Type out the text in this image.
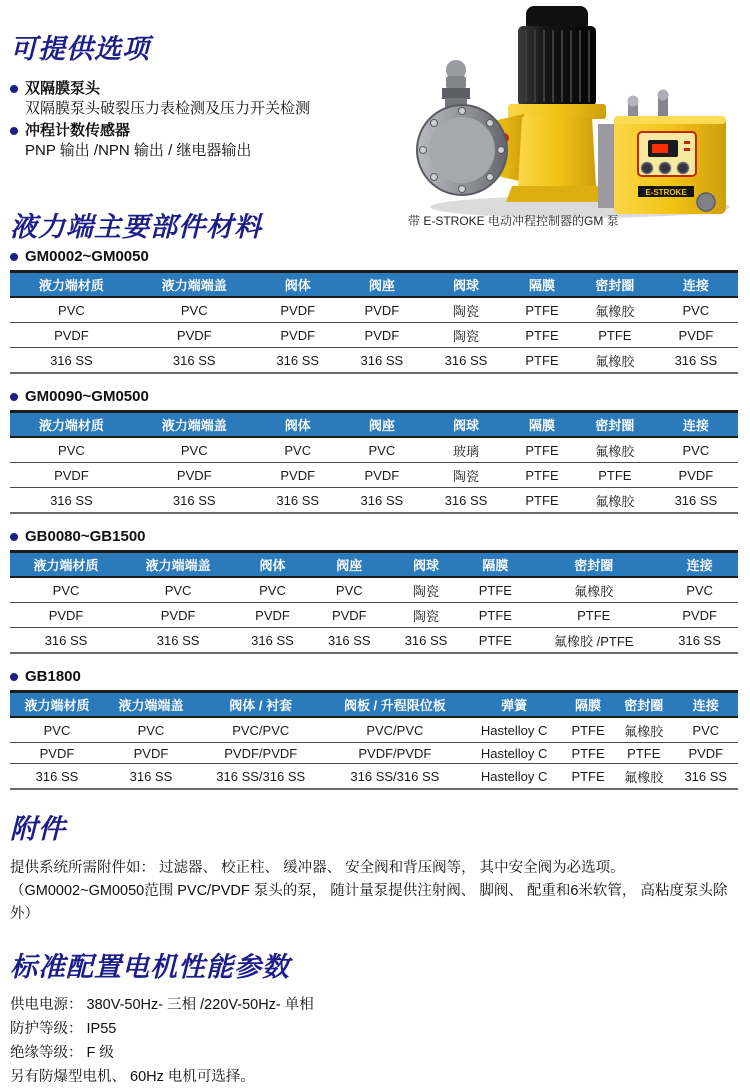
可提供选项
双隔膜泵头
双隔膜泵头破裂压力表检测及压力开关检测
冲程计数传感器
PNP 输出 /NPN 输出 / 继电器输出
E-STROKE
带 E-STROKE 电动冲程控制器的GM 泵
液力端主要部件材料
GM0002~GM0050
液力端材质	液力端端盖	阀体	阀座	阀球	隔膜	密封圈	连接
PVC	PVC	PVDF	PVDF	陶瓷	PTFE	氟橡胶	PVC
PVDF	PVDF	PVDF	PVDF	陶瓷	PTFE	PTFE	PVDF
316 SS	316 SS	316 SS	316 SS	316 SS	PTFE	氟橡胶	316 SS
GM0090~GM0500
液力端材质	液力端端盖	阀体	阀座	阀球	隔膜	密封圈	连接
PVC	PVC	PVC	PVC	玻璃	PTFE	氟橡胶	PVC
PVDF	PVDF	PVDF	PVDF	陶瓷	PTFE	PTFE	PVDF
316 SS	316 SS	316 SS	316 SS	316 SS	PTFE	氟橡胶	316 SS
GB0080~GB1500
液力端材质	液力端端盖	阀体	阀座	阀球	隔膜	密封圈	连接
PVC	PVC	PVC	PVC	陶瓷	PTFE	氟橡胶	PVC
PVDF	PVDF	PVDF	PVDF	陶瓷	PTFE	PTFE	PVDF
316 SS	316 SS	316 SS	316 SS	316 SS	PTFE	氟橡胶 /PTFE	316 SS
GB1800
液力端材质	液力端端盖	阀体 / 衬套	阀板 / 升程限位板	弹簧	隔膜	密封圈	连接
PVC	PVC	PVC/PVC	PVC/PVC	Hastelloy C	PTFE	氟橡胶	PVC
PVDF	PVDF	PVDF/PVDF	PVDF/PVDF	Hastelloy C	PTFE	PTFE	PVDF
316 SS	316 SS	316 SS/316 SS	316 SS/316 SS	Hastelloy C	PTFE	氟橡胶	316 SS
附件

提供系统所需附件如： 过滤器、 校正柱、 缓冲器、 安全阀和背压阀等， 其中安全阀为必选项。

（GM0002~GM0050范围 PVC/PVDF 泵头的泵， 随计量泵提供注射阀、 脚阀、 配重和6米软管， 高粘度泵头除外）

标准配置电机性能参数

供电电源： 380V-50Hz- 三相 /220V-50Hz- 单相

防护等级： IP55

绝缘等级： F 级

另有防爆型电机、 60Hz 电机可选择。
